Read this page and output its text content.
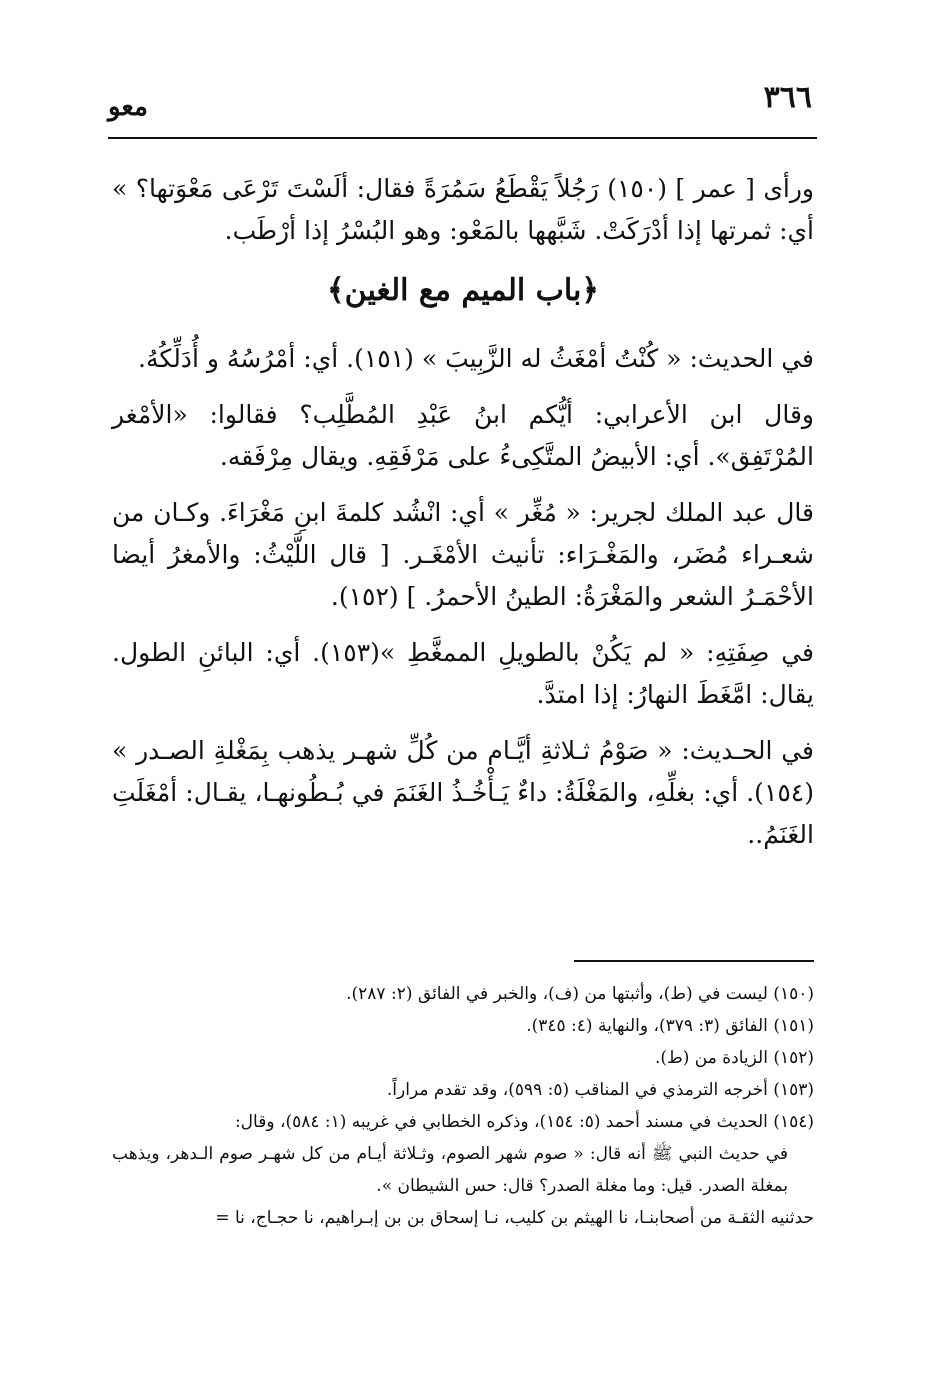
٣٦٦
معو

ورأى [ عمر ] (١٥٠) رَجُلاً يَقْطَعُ سَمُرَةً فقال: ألَسْتَ تَرْعَى مَعْوَتها؟ » أي: ثمرتها إذا أدْرَكَتْ. شَبَّهها بالمَعْو: وهو البُسْرُ إذا أرْطَب.

﴿باب الميم مع الغين﴾

في الحديث: « كُنْتُ أمْغَثُ له الزَّبِيبَ » (١٥١). أي: أمْرُسُهُ و أُدَلِّكُهُ.

وقال ابن الأعرابي: أيُّكم ابنُ عَبْدِ المُطَّلِب؟ فقالوا: «الأمْغر المُرْتَفِق». أي: الأبيضُ المتَّكِىءُ على مَرْفَقِهِ. ويقال مِرْفَقه.

قال عبد الملك لجرير: « مُغِّر » أي: انْشُد كلمةَ ابنِ مَغْرَاءَ. وكـان من شعـراء مُضَر، والمَغْـرَاء: تأنيث الأمْغَـر. [ قال اللَّيْثُ: والأمغرُ أيضا الأحْمَـرُ الشعر والمَغْرَةُ: الطينُ الأحمرُ. ] (١٥٢).

في صِفَتِهِ: « لم يَكُنْ بالطويلِ الممغَّطِ »(١٥٣). أي: البائنِ الطول. يقال: امَّغَطَ النهارُ: إذا امتدَّ.

في الحـديث: « صَوْمُ ثـلاثةِ أيَّـام من كُلِّ شهـر يذهب بِمَغْلةِ الصـدر » (١٥٤). أي: بغلِّهِ، والمَغْلَةُ: داءٌ يَـأْخُـذُ الغَنَمَ في بُـطُونهـا، يقـال: أمْغَلَتِ الغَنَمُ..

(١٥٠) ليست في (ط)، وأثبتها من (ف)، والخبر في الفائق (٢: ٢٨٧).

(١٥١) الفائق (٣: ٣٧٩)، والنهاية (٤: ٣٤٥).

(١٥٢) الزيادة من (ط).

(١٥٣) أخرجه الترمذي في المناقب (٥: ٥٩٩)، وقد تقدم مراراً.

(١٥٤) الحديث في مسند أحمد (٥: ١٥٤)، وذكره الخطابي في غريبه (١: ٥٨٤)، وقال:

في حديث النبي ﷺ أنه قال: « صوم شهر الصوم، وثـلاثة أيـام من كل شهـر صوم الـدهر، ويذهب بمغلة الصدر. قيل: وما مغلة الصدر؟ قال: حس الشيطان ».

حدثنيه الثقـة من أصحابنـا، نا الهيثم بن كليب، نـا إسحاق بن بن إبـراهيم، نا حجـاج، نا =
